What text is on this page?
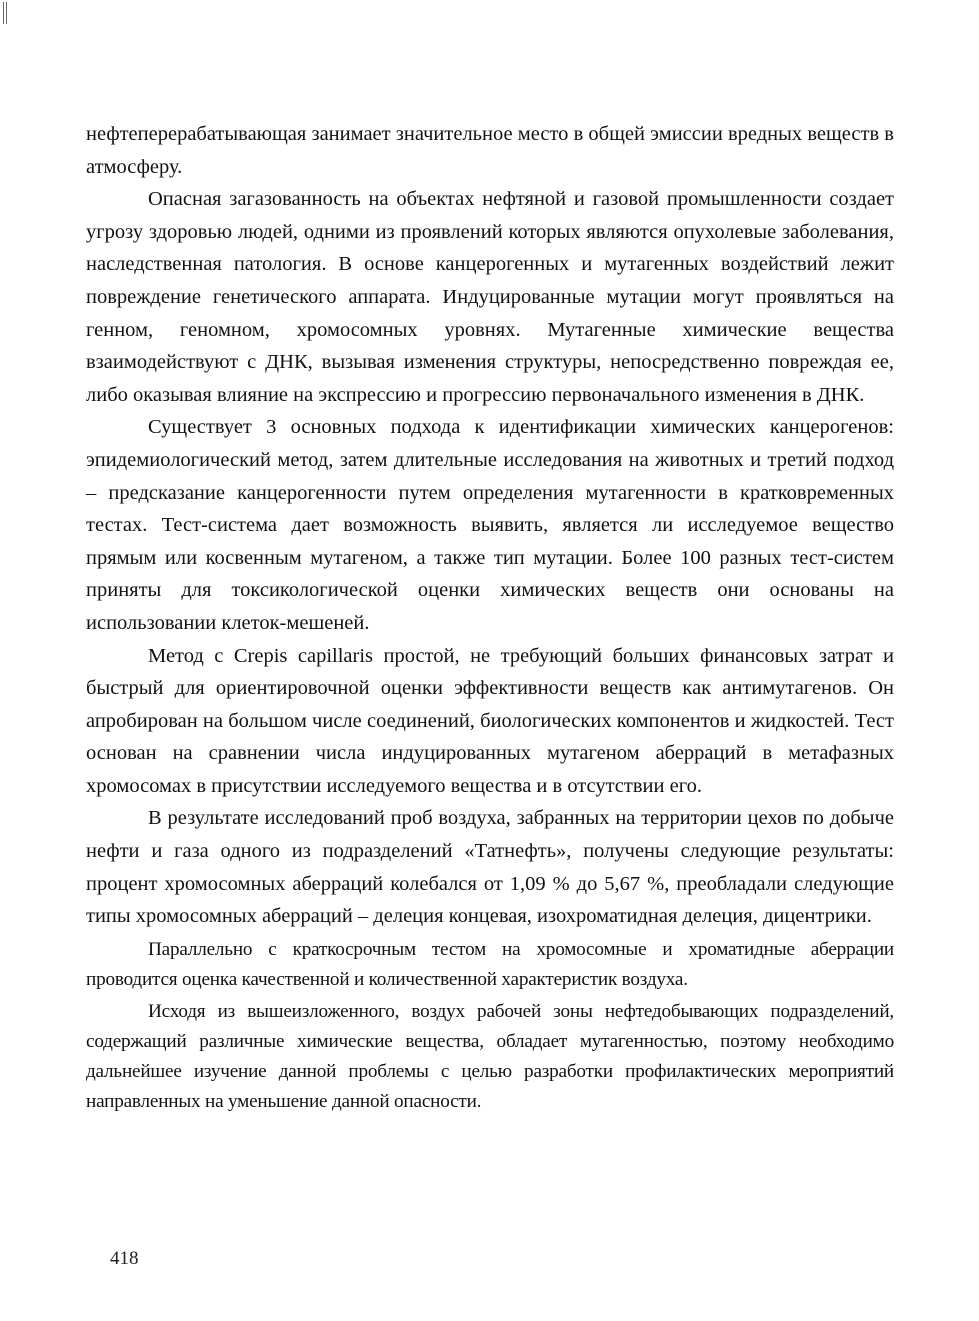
нефтеперерабатывающая занимает значительное место в общей эмиссии вредных веществ в атмосферу.

Опасная загазованность на объектах нефтяной и газовой промышленности создает угрозу здоровью людей, одними из проявлений которых являются опухолевые заболевания, наследственная патология. В основе канцерогенных и мутагенных воздействий лежит повреждение генетического аппарата. Индуцированные мутации могут проявляться на генном, геномном, хромосомных уровнях. Мутагенные химические вещества взаимодействуют с ДНК, вызывая изменения структуры, непосредственно повреждая ее, либо оказывая влияние на экспрессию и прогрессию первоначального изменения в ДНК.

Существует 3 основных подхода к идентификации химических канцерогенов: эпидемиологический метод, затем длительные исследования на животных и третий подход – предсказание канцерогенности путем определения мутагенности в кратковременных тестах. Тест-система дает возможность выявить, является ли исследуемое вещество прямым или косвенным мутагеном, а также тип мутации. Более 100 разных тест-систем приняты для токсикологической оценки химических веществ они основаны на использовании клеток-мешеней.

Метод с Crepis capillaris простой, не требующий больших финансовых затрат и быстрый для ориентировочной оценки эффективности веществ как антимутагенов. Он апробирован на большом числе соединений, биологических компонентов и жидкостей. Тест основан на сравнении числа индуцированных мутагеном аберраций в метафазных хромосомах в присутствии исследуемого вещества и в отсутствии его.

В результате исследований проб воздуха, забранных на территории цехов по добыче нефти и газа одного из подразделений «Татнефть», получены следующие результаты: процент хромосомных аберраций колебался от 1,09 % до 5,67 %, преобладали следующие типы хромосомных аберраций – делеция концевая, изохроматидная делеция, дицентрики.

Параллельно с краткосрочным тестом на хромосомные и хроматидные аберрации проводится оценка качественной и количественной характеристик воздуха.

Исходя из вышеизложенного, воздух рабочей зоны нефтедобывающих подразделений, содержащий различные химические вещества, обладает мутагенностью, поэтому необходимо дальнейшее изучение данной проблемы с целью разработки профилактических мероприятий направленных на уменьшение данной опасности.

418
